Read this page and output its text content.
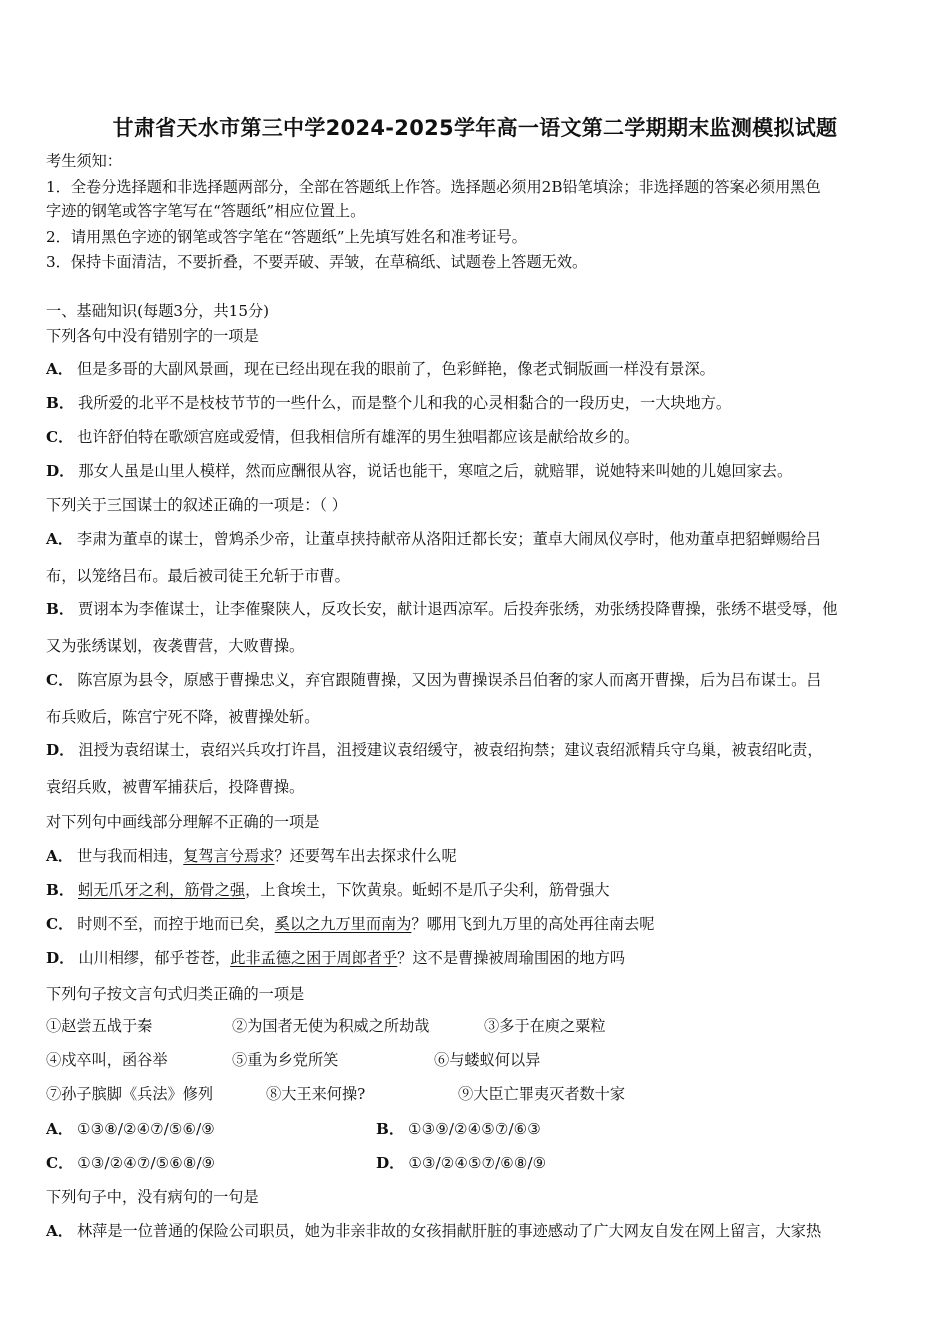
甘肃省天水市第三中学2024-2025学年高一语文第二学期期末监测模拟试题
考生须知：
1．全卷分选择题和非选择题两部分，全部在答题纸上作答。选择题必须用2B铅笔填涂；非选择题的答案必须用黑色
字迹的钢笔或答字笔写在“答题纸”相应位置上。
2．请用黑色字迹的钢笔或答字笔在“答题纸”上先填写姓名和准考证号。
3．保持卡面清洁，不要折叠，不要弄破、弄皱，在草稿纸、试题卷上答题无效。
一、基础知识(每题3分，共15分)
下列各句中没有错别字的一项是
A． 但是多哥的大副风景画，现在已经出现在我的眼前了，色彩鲜艳，像老式铜版画一样没有景深。
B． 我所爱的北平不是枝枝节节的一些什么，而是整个儿和我的心灵相黏合的一段历史，一大块地方。
C． 也许舒伯特在歌颂宫庭或爱情，但我相信所有雄浑的男生独唱都应该是献给故乡的。
D． 那女人虽是山里人模样，然而应酬很从容，说话也能干，寒喧之后，就赔罪，说她特来叫她的儿媳回家去。
下列关于三国谋士的叙述正确的一项是：（ ）
A． 李肃为董卓的谋士，曾鸩杀少帝，让董卓挟持献帝从洛阳迁都长安；董卓大闹凤仪亭时，他劝董卓把貂蝉赐给吕
布，以笼络吕布。最后被司徒王允斩于市曹。
B． 贾诩本为李傕谋士，让李傕聚陕人，反攻长安，献计退西凉军。后投奔张绣，劝张绣投降曹操，张绣不堪受辱，他
又为张绣谋划，夜袭曹营，大败曹操。
C． 陈宫原为县令，原感于曹操忠义，弃官跟随曹操，又因为曹操误杀吕伯奢的家人而离开曹操，后为吕布谋士。吕
布兵败后，陈宫宁死不降，被曹操处斩。
D． 沮授为袁绍谋士，袁绍兴兵攻打许昌，沮授建议袁绍缓守，被袁绍拘禁；建议袁绍派精兵守乌巢，被袁绍叱责，
袁绍兵败，被曹军捕获后，投降曹操。
对下列句中画线部分理解不正确的一项是
A． 世与我而相违，复驾言兮焉求？还要驾车出去探求什么呢
B． 蚓无爪牙之利，筋骨之强，上食埃土，下饮黄泉。蚯蚓不是爪子尖利，筋骨强大
C． 时则不至，而控于地而已矣，奚以之九万里而南为？哪用飞到九万里的高处再往南去呢
D． 山川相缪，郁乎苍苍，此非孟德之困于周郎者乎？这不是曹操被周瑜围困的地方吗
下列句子按文言句式归类正确的一项是
①赵尝五战于秦	②为国者无使为积威之所劫哉	③多于在庾之粟粒
④戍卒叫，函谷举	⑤重为乡党所笑	⑥与蝼蚁何以异
⑦孙子膑脚《兵法》修列	⑧大王来何操?	⑨大臣亡罪夷灭者数十家
A． ①③⑧/②④⑦/⑤⑥/⑨	B． ①③⑨/②④⑤⑦/⑥③
C． ①③/②④⑦/⑤⑥⑧/⑨	D． ①③/②④⑤⑦/⑥⑧/⑨
下列句子中，没有病句的一句是
A． 林萍是一位普通的保险公司职员，她为非亲非故的女孩捐献肝脏的事迹感动了广大网友自发在网上留言，大家热
